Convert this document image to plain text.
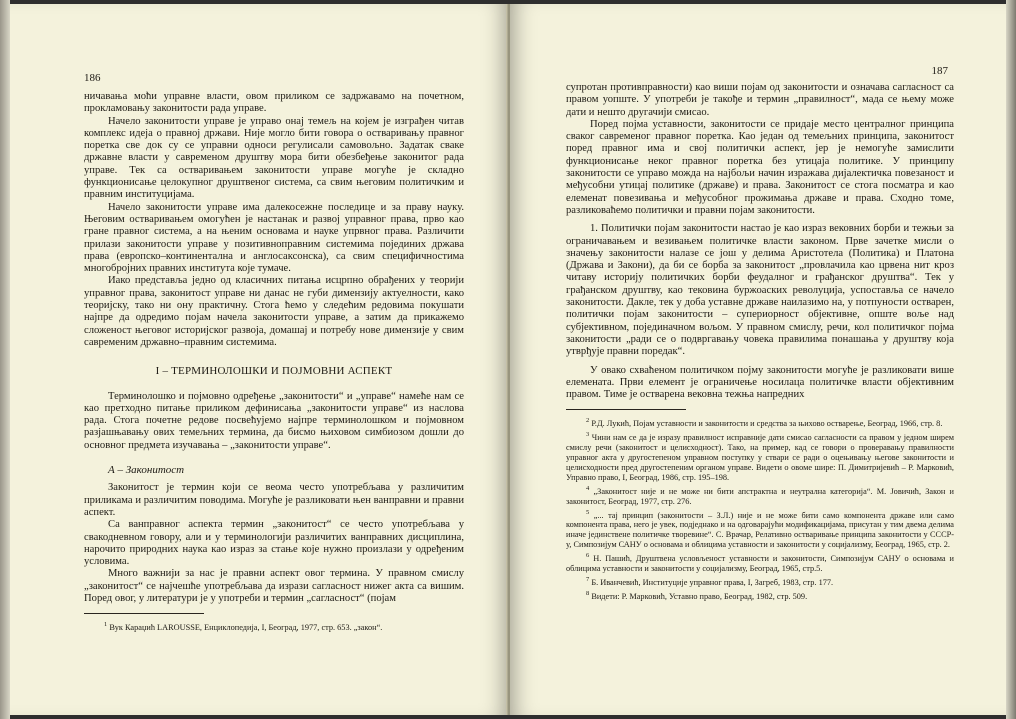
186

ничавања моћи управне власти, овом приликом се задржавамо на почетном, прокламовању законитости рада управе.

Начело законитости управе је управо онај темељ на којем је изграђен читав комплекс идеја о правној држави. Није могло бити говора о остваривању правног поретка све док су се управни односи регулисали самовољно. Задатак сваке државне власти у савременом друштву мора бити обезбеђење законитог рада управе. Тек са остваривањем законитости управе могуће је складно функционисање целокупног друштвеног система, са свим његовим политичким и правним институцијама.

Начело законитости управе има далекосежне последице и за праву науку. Његовим остваривањем омогућен је настанак и развој управног права, прво као гране правног система, а на њеним основама и науке упрвног права. Различити прилази законитости управе у позитивноправним системима појединих држава права (европско–континентална и англосаксонска), са свим специфичностима многобројних правних института које тумаче.

Иако представља једно од класичних питања исцрпно обрађених у теорији управног права, законитост управе ни данас не губи димензију актуелности, како теоријску, тако ни ону практичну. Стога ћемо у следећим редовима покушати најпре да одредимо појам начела законитости управе, а затим да прикажемо сложеност његовог историјског развоја, домашај и потребу нове димензије у свим савременим државно–правним системима.

I – ТЕРМИНОЛОШКИ И ПОЈМОВНИ АСПЕКТ

Терминолошко и појмовно одређење „законитости“ и „управе“ намеће нам се као претходно питање приликом дефинисања „законитости управе“ из наслова рада. Стога почетне редове посвећујемо најпре терминолошком и појмовном разјашњавању ових темељних термина, да бисмо њиховом симбиозом дошли до основног предмета изучавања – „законитости управе“.

А – Законитост

Законитост је термин који се веома често употребљава у различитим приликама и различитим поводима. Могуће је разликовати њен ванправни и правни аспект.

Са ванправног аспекта термин „законитост“ се често употребљава у свакодневном говору, али и у терминологији различитих ванправних дисциплина, нарочито природних наука као израз за стање које нужно произлази у одређеним условима.

Много важнији за нас је правни аспект овог термина. У правном смислу „законитост“ се најчешће употребљава да изрази сагласност нижег акта са вишим. Поред овог, у литератури је у употреби и термин „сагласност“ (појам

$^1$ Вук Караџић LAROUSSE, Енциклопедија, I, Београд, 1977, стр. 653. „закон“.

187

супротан противправности) као виши појам од законитости и означава сагласност са правом уопште. У употреби је такође и термин „правилност“, мада се њему може дати и нешто другачији смисао.

Поред појма уставности, законитости се придаје место централног принципа сваког савременог правног поретка. Као један од темељних принципа, законитост поред правног има и свој политички аспект, јер је немогуће замислити функционисање неког правног поретка без утицаја политике. У принципу законитости се управо можда на најбољи начин изражава дијалектичка повезаност и међусобни утицај политике (државе) и права. Законитост се стога посматра и као елеменат повезивања и међусобног прожимања државе и права. Сходно томе, разликоваћемо политички и правни појам законитости.

1. Политички појам законитости настао је као израз вековних борби и тежњи за ограничавањем и везивањем политичке власти законом. Прве зачетке мисли о значењу законитости налазе се још у делима Аристотела (Политика) и Платона (Држава и Закони), да би се борба за законитост „провлачила као црвена нит кроз читаву историју политичких борби феудалног и грађанског друштва“. Тек у грађанском друштву, као тековина буржоаских револуција, успоставља се начело законитости. Дакле, тек у доба уставне државе наилазимо на, у потпуности остварен, политички појам законитости – супериорност објективне, опште воље над субјективном, појединачном вољом. У правном смислу, речи, кол политичког појма законитости „ради се о подвргавању човека правилима понашања у друштву која утврђује правни поредак“.

У овако схваћеном политичком појму законитости могуће је разликовати више елемената. Први елемент је ограничење носилаца политичке власти објективним правом. Тиме је остварена вековна тежња напредних

$^2$ Р.Д. Лукић, Појам уставности и законитости и средства за њихово остварење, Београд, 1966, стр. 8.

$^3$ Чини нам се да је изразу правилност исправније дати смисао сагласности са правом у једном ширем смислу речи (законитост и целисходност). Тако, на пример, кад се говори о проверавању правилности управног акта у другостепеном управном поступку у ствари се ради о оцењивању његове законитости и целисходности пред другостепеним органом управе. Видети о овоме шире: П. Димитријевић – Р. Марковић, Управно право, I, Београд, 1986, стр. 195–198.

$^4$ „Законитост није и не може ни бити апстрактна и неутрална категорија“. М. Јовичић, Закон и законитост, Београд, 1977, стр. 276.

$^5$ „... тај принцип (законитости – З.Л.) није и не може бити само компонента државе или само компонента права, него је увек, подједнако и на одговарајући модификацијама, присутан у тим двема делима иначе јединствене политичке творевине“. С. Врачар, Релативно остваривање принципа законитости у СССР-у, Симпозијум САНУ о основама и облицима уставности и законитости у социјализму, Београд, 1965, стр. 2.

$^6$ Н. Пашић, Друштвена условљеност уставности и законитости, Симпозијум САНУ о основама и облицима уставности и законитости у социјализму, Београд, 1965, стр.5.

$^7$ Б. Иванчевић, Институције управног права, I, Загреб, 1983, стр. 177.

$^8$ Видети: Р. Марковић, Уставно право, Београд, 1982, стр. 509.
